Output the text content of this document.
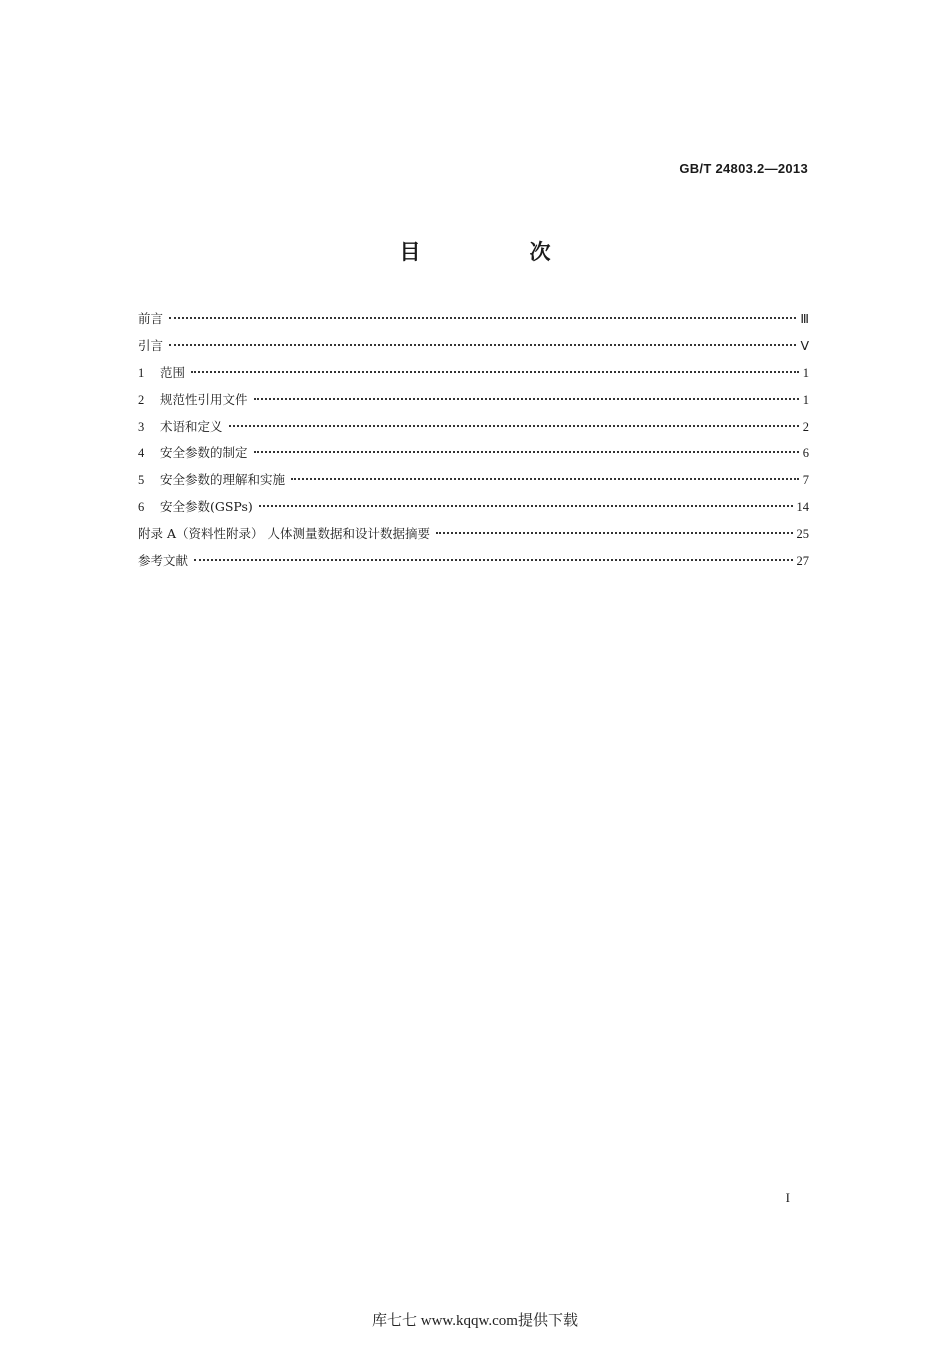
GB/T 24803.2—2013
目　次
前言	Ⅲ
引言	Ⅴ
1	范围	1
2	规范性引用文件	1
3	术语和定义	2
4	安全参数的制定	6
5	安全参数的理解和实施	7
6	安全参数(GSPs)	14
附录 A（资料性附录） 人体测量数据和设计数据摘要	25
参考文献	27
I
库七七 www.kqqw.com提供下载
